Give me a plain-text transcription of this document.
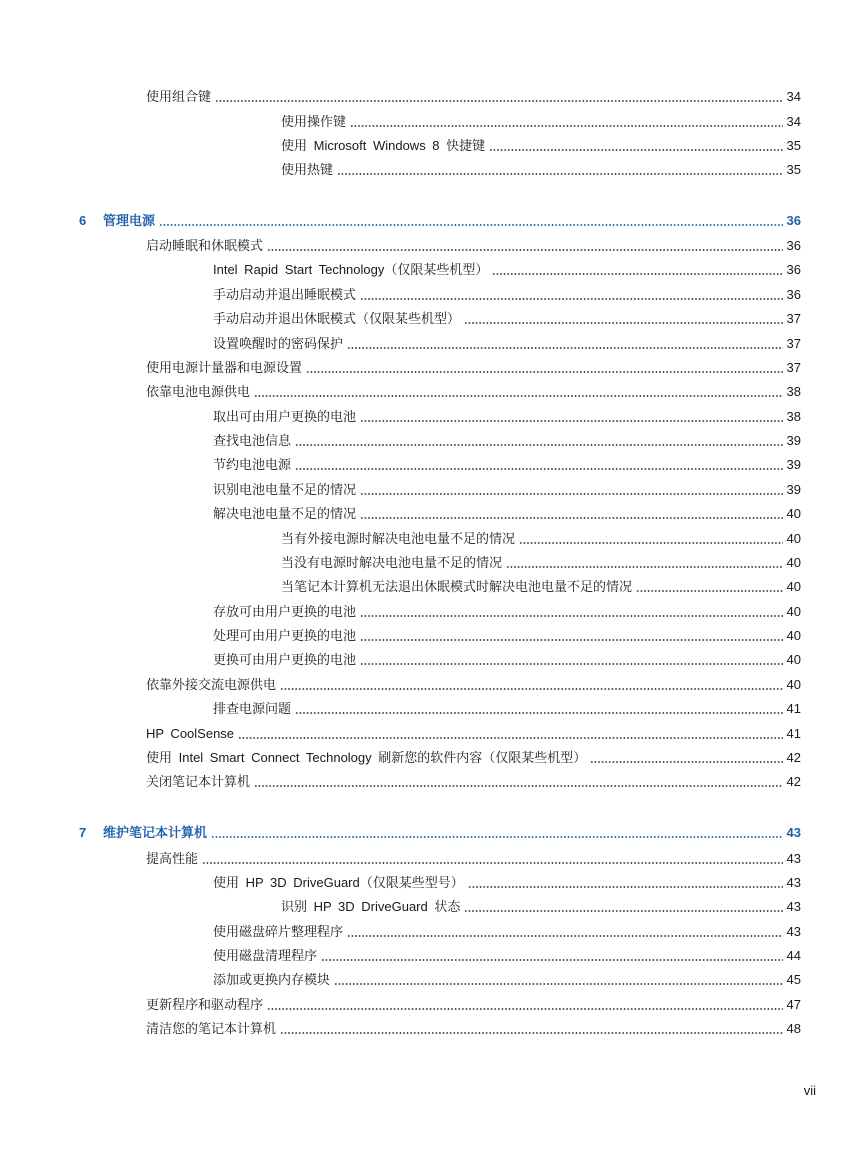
使用组合键	34
使用操作键	34
使用 Microsoft Windows 8 快捷键	35
使用热键	35
6	管理电源	36
启动睡眠和休眠模式	36
Intel Rapid Start Technology（仅限某些机型）	36
手动启动并退出睡眠模式	36
手动启动并退出休眠模式（仅限某些机型）	37
设置唤醒时的密码保护	37
使用电源计量器和电源设置	37
依靠电池电源供电	38
取出可由用户更换的电池	38
查找电池信息	39
节约电池电源	39
识别电池电量不足的情况	39
解决电池电量不足的情况	40
当有外接电源时解决电池电量不足的情况	40
当没有电源时解决电池电量不足的情况	40
当笔记本计算机无法退出休眠模式时解决电池电量不足的情况	40
存放可由用户更换的电池	40
处理可由用户更换的电池	40
更换可由用户更换的电池	40
依靠外接交流电源供电	40
排查电源问题	41
HP CoolSense	41
使用 Intel Smart Connect Technology 刷新您的软件内容（仅限某些机型）	42
关闭笔记本计算机	42
7	维护笔记本计算机	43
提高性能	43
使用 HP 3D DriveGuard（仅限某些型号）	43
识别 HP 3D DriveGuard 状态	43
使用磁盘碎片整理程序	43
使用磁盘清理程序	44
添加或更换内存模块	45
更新程序和驱动程序	47
清洁您的笔记本计算机	48
vii
